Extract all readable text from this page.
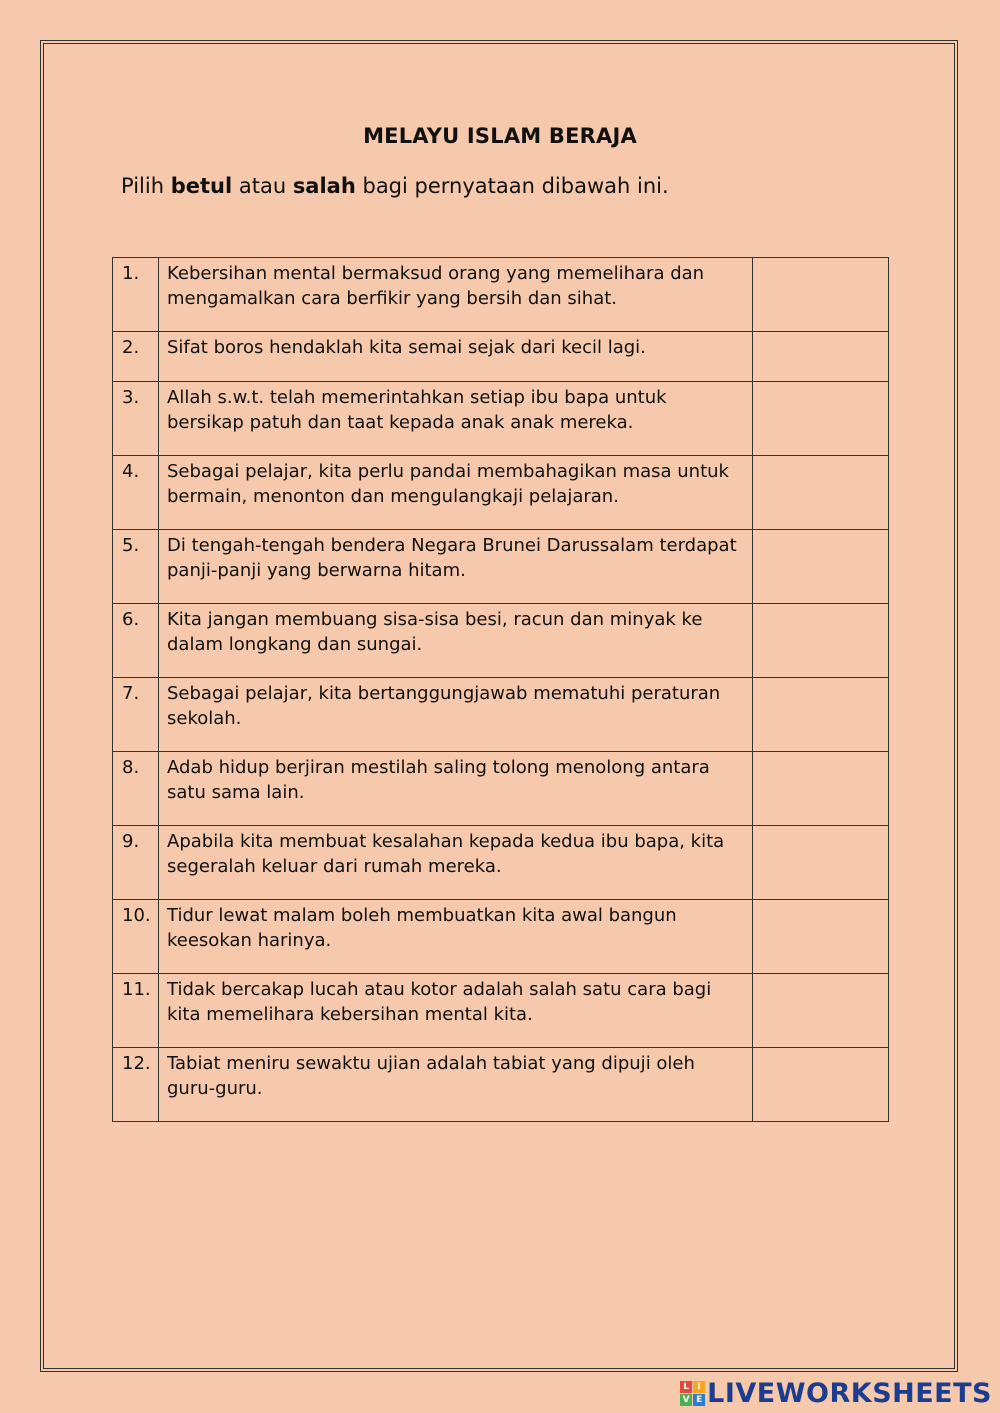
MELAYU ISLAM BERAJA
Pilih betul atau salah bagi pernyataan dibawah ini.
1.	Kebersihan mental bermaksud orang yang memelihara dan mengamalkan cara berfikir yang bersih dan sihat.	
2.	Sifat boros hendaklah kita semai sejak dari kecil lagi.	
3.	Allah s.w.t. telah memerintahkan setiap ibu bapa untuk bersikap patuh dan taat kepada anak anak mereka.	
4.	Sebagai pelajar, kita perlu pandai membahagikan masa untuk bermain, menonton dan mengulangkaji pelajaran.	
5.	Di tengah-tengah bendera Negara Brunei Darussalam terdapat panji-panji yang berwarna hitam.	
6.	Kita jangan membuang sisa-sisa besi, racun dan minyak ke dalam longkang dan sungai.	
7.	Sebagai pelajar, kita bertanggungjawab mematuhi peraturan sekolah.	
8.	Adab hidup berjiran mestilah saling tolong menolong antara satu sama lain.	
9.	Apabila kita membuat kesalahan kepada kedua ibu bapa, kita segeralah keluar dari rumah mereka.	
10.	Tidur lewat malam boleh membuatkan kita awal bangun keesokan harinya.	
11.	Tidak bercakap lucah atau kotor adalah salah satu cara bagi kita memelihara kebersihan mental kita.	
12.	Tabiat meniru sewaktu ujian adalah tabiat yang dipuji oleh guru-guru.	
L I
V E LIVEWORKSHEETS
